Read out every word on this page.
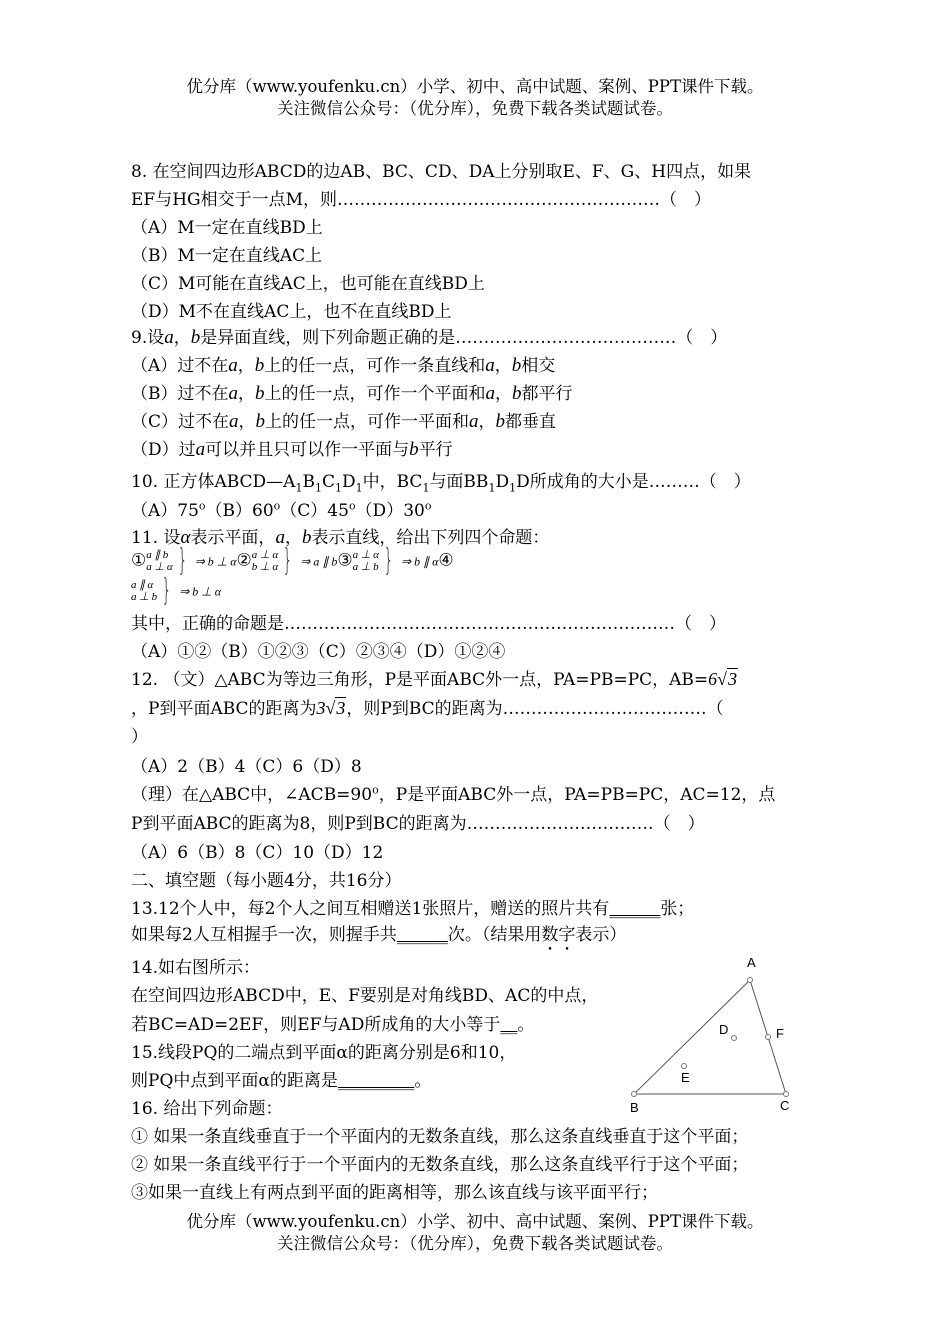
优分库（www.youfenku.cn）小学、初中、高中试题、案例、PPT课件下载。
关注微信公众号：（优分库），免费下载各类试题试卷。
8. 在空间四边形ABCD的边AB、BC、CD、DA上分别取E、F、G、H四点，如果
EF与HG相交于一点M，则…………………………………………………（　）
（A）M一定在直线BD上
（B）M一定在直线AC上
（C）M可能在直线AC上，也可能在直线BD上
（D）M不在直线AC上，也不在直线BD上
9.设a，b是异面直线，则下列命题正确的是…………………………………（　）
（A）过不在a，b上的任一点，可作一条直线和a，b相交
（B）过不在a，b上的任一点，可作一个平面和a，b都平行
（C）过不在a，b上的任一点，可作一平面和a，b都垂直
（D）过a可以并且只可以作一平面与b平行
10. 正方体$ABCD—A_1B_1C_1D_1$中，$BC_1$与面$BB_1D_1D$所成角的大小是………（　）
（A）75$^o$（B）60$^o$（C）45$^o$（D）30$^o$
11. 设α表示平面，a，b表示直线，给出下列四个命题：
①a ∥ b
a ⊥ α } ⇒ b ⊥ α②a ⊥ α
b ⊥ α } ⇒ a ∥ b③a ⊥ α
a ⊥ b } ⇒ b ∥ α④
a ∥ α
a ⊥ b } ⇒ b ⊥ α
其中，正确的命题是……………………………………………………………（　）
（A）①②（B）①②③（C）②③④（D）①②④
12. （文）△ABC为等边三角形，P是平面ABC外一点，PA=PB=PC，AB=6√3
，P到平面ABC的距离为3√3，则P到BC的距离为………………………………（
）
（A）2（B）4（C）6（D）8
（理）在△ABC中，$\angle ACB=90^o$，P是平面ABC外一点，PA=PB=PC，AC=12，点
P到平面ABC的距离为8，则P到BC的距离为……………………………（　）
（A）6（B）8（C）10（D）12
二、填空题（每小题4分，共16分）
13.12个人中，每2个人之间互相赠送1张照片，赠送的照片共有______张；
如果每2人互相握手一次，则握手共______次。（结果用数字表示）
14.如右图所示：
在空间四边形ABCD中，E、F要别是对角线BD、AC的中点，
若BC=AD=2EF，则EF与AD所成角的大小等于__。
15.线段PQ的二端点到平面α的距离分别是6和10，
则PQ中点到平面α的距离是_________。
16. 给出下列命题：
① 如果一条直线垂直于一个平面内的无数条直线，那么这条直线垂直于这个平面；
② 如果一条直线平行于一个平面内的无数条直线，那么这条直线平行于这个平面；
③如果一直线上有两点到平面的距离相等，那么该直线与该平面平行；
A
B	C
D
E
F
优分库（www.youfenku.cn）小学、初中、高中试题、案例、PPT课件下载。
关注微信公众号：（优分库），免费下载各类试题试卷。
